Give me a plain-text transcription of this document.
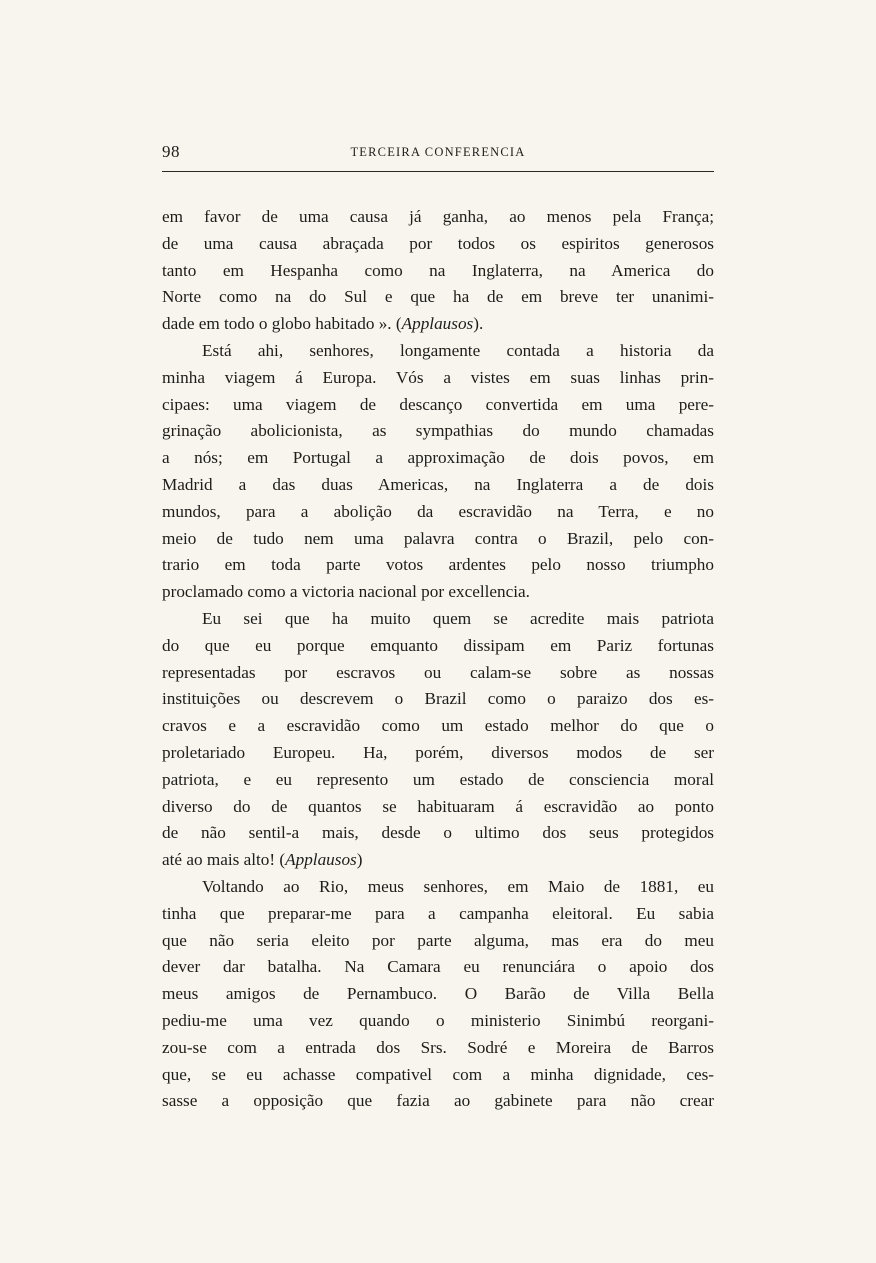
98	TERCEIRA CONFERENCIA

em favor de uma causa já ganha, ao menos pela França;
de uma causa abraçada por todos os espiritos generosos
tanto em Hespanha como na Inglaterra, na America do
Norte como na do Sul e que ha de em breve ter unanimi-
dade em todo o globo habitado ». (Applausos).

Está ahi, senhores, longamente contada a historia da
minha viagem á Europa. Vós a vistes em suas linhas prin-
cipaes: uma viagem de descanço convertida em uma pere-
grinação abolicionista, as sympathias do mundo chamadas
a nós; em Portugal a approximação de dois povos, em
Madrid a das duas Americas, na Inglaterra a de dois
mundos, para a abolição da escravidão na Terra, e no
meio de tudo nem uma palavra contra o Brazil, pelo con-
trario em toda parte votos ardentes pelo nosso triumpho
proclamado como a victoria nacional por excellencia.

Eu sei que ha muito quem se acredite mais patriota
do que eu porque emquanto dissipam em Pariz fortunas
representadas por escravos ou calam-se sobre as nossas
instituições ou descrevem o Brazil como o paraizo dos es-
cravos e a escravidão como um estado melhor do que o
proletariado Europeu. Ha, porém, diversos modos de ser
patriota, e eu represento um estado de consciencia moral
diverso do de quantos se habituaram á escravidão ao ponto
de não sentil-a mais, desde o ultimo dos seus protegidos
até ao mais alto! (Applausos)

Voltando ao Rio, meus senhores, em Maio de 1881, eu
tinha que preparar-me para a campanha eleitoral. Eu sabia
que não seria eleito por parte alguma, mas era do meu
dever dar batalha. Na Camara eu renunciára o apoio dos
meus amigos de Pernambuco. O Barão de Villa Bella
pediu-me uma vez quando o ministerio Sinimbú reorgani-
zou-se com a entrada dos Srs. Sodré e Moreira de Barros
que, se eu achasse compativel com a minha dignidade, ces-
sasse a opposição que fazia ao gabinete para não crear
